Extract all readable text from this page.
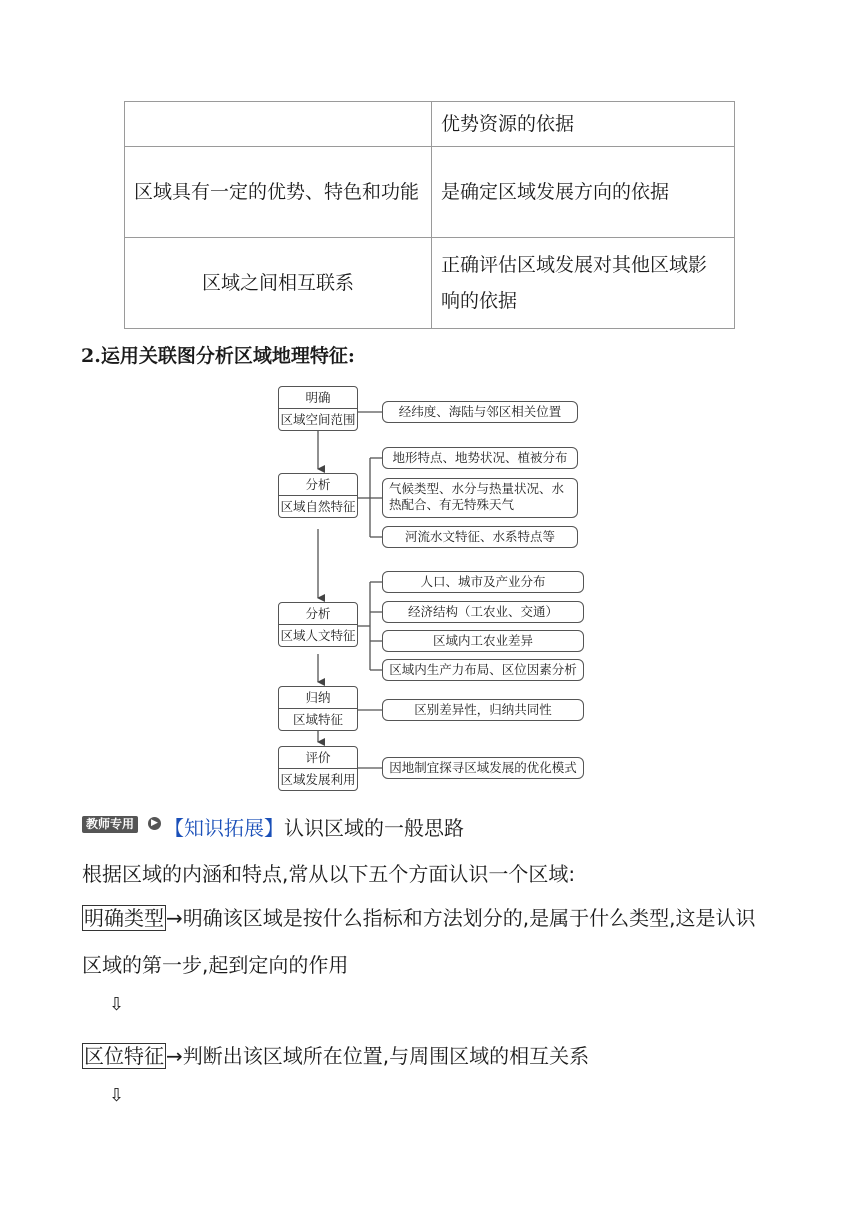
	优势资源的依据
区域具有一定的优势、特色和功能	是确定区域发展方向的依据
区域之间相互联系	正确评估区域发展对其他区域影响的依据
2.运用关联图分析区域地理特征:
明确
区域空间范围
分析
区域自然特征
分析
区域人文特征
归纳
区域特征
评价
区域发展利用
经纬度、海陆与邻区相关位置
地形特点、地势状况、植被分布
气候类型、水分与热量状况、水热配合、有无特殊天气
河流水文特征、水系特点等
人口、城市及产业分布
经济结构（工农业、交通）
区域内工农业差异
区域内生产力布局、区位因素分析
区别差异性，归纳共同性
因地制宜探寻区域发展的优化模式
教师专用	▶ 【知识拓展】认识区域的一般思路
根据区域的内涵和特点,常从以下五个方面认识一个区域:
明确类型 →明确该区域是按什么指标和方法划分的,是属于什么类型,这是认识
区域的第一步,起到定向的作用
⇩
区位特征 →判断出该区域所在位置,与周围区域的相互关系
⇩
